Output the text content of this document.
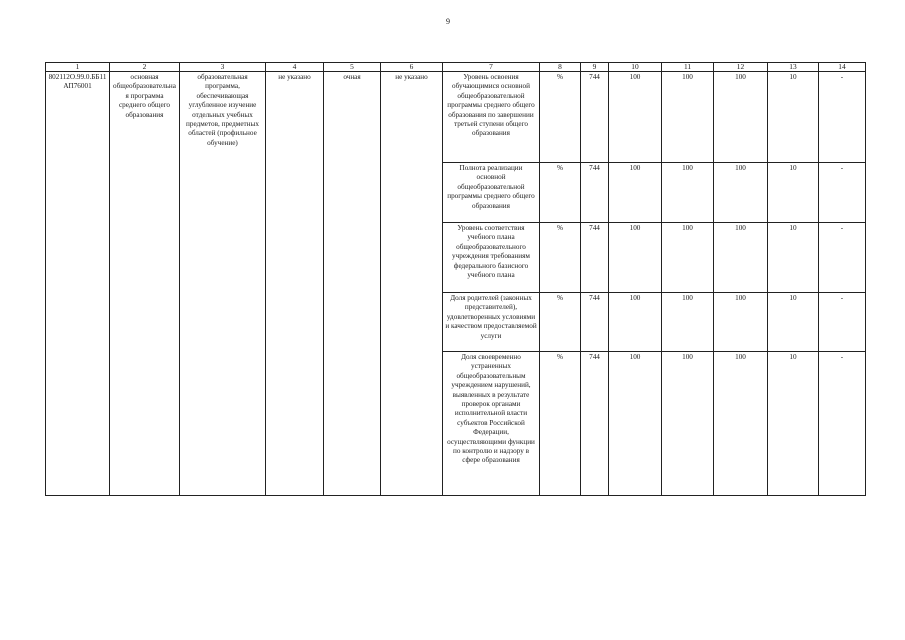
9
1	2	3	4	5	6	7	8	9	10	11	12	13	14
802112О.99.0.ББ11АП76001	основная общеобразовательная программа среднего общего образования	образовательная программа, обеспечивающая углубленное изучение отдельных учебных предметов, предметных областей (профильное обучение)	не указано	очная	не указано	Уровень освоения обучающимися основной общеобразовательной программы среднего общего образования по завершении третьей ступени общего образования	%	744	100	100	100	10	-
						Полнота реализации основной общеобразовательной программы среднего общего образования	%	744	100	100	100	10	-
						Уровень соответствия учебного плана общеобразовательного учреждения требованиям федерального базисного учебного плана	%	744	100	100	100	10	-
						Доля родителей (законных представителей), удовлетворенных условиями и качеством предоставляемой услуги	%	744	100	100	100	10	-
						Доля своевременно устраненных общеобразовательным учреждением нарушений, выявленных в результате проверок органами исполнительной власти субъектов Российской Федерации, осуществляющими функции по контролю и надзору в сфере образования	%	744	100	100	100	10	-
